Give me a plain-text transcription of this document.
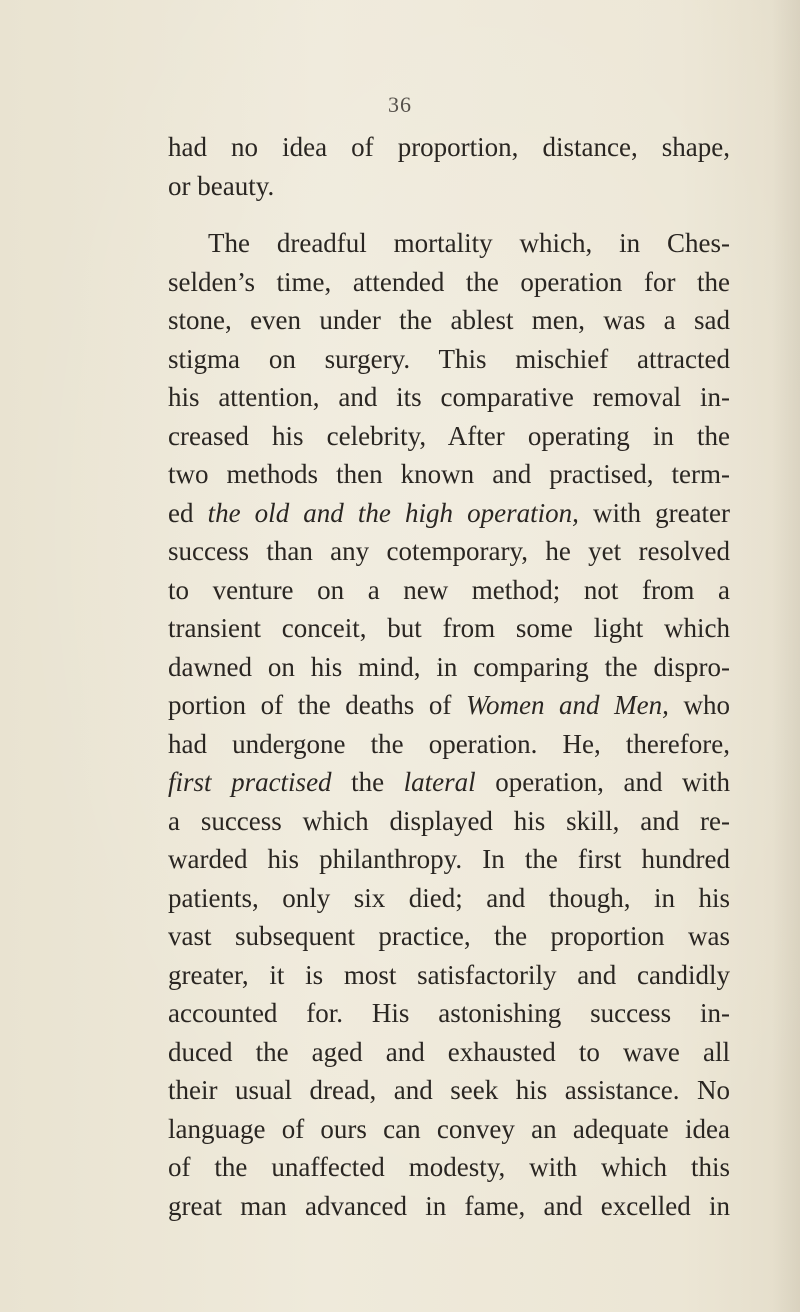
36
had no idea of proportion, distance, shape,
or beauty.
The dreadful mortality which, in Ches-
selden’s time, attended the operation for the
stone, even under the ablest men, was a sad
stigma on surgery. This mischief attracted
his attention, and its comparative removal in-
creased his celebrity, After operating in the
two methods then known and practised, term-
ed the old and the high operation, with greater
success than any cotemporary, he yet resolved
to venture on a new method; not from a
transient conceit, but from some light which
dawned on his mind, in comparing the dispro-
portion of the deaths of Women and Men, who
had undergone the operation. He, therefore,
first practised the lateral operation, and with
a success which displayed his skill, and re-
warded his philanthropy. In the first hundred
patients, only six died; and though, in his
vast subsequent practice, the proportion was
greater, it is most satisfactorily and candidly
accounted for. His astonishing success in-
duced the aged and exhausted to wave all
their usual dread, and seek his assistance. No
language of ours can convey an adequate idea
of the unaffected modesty, with which this
great man advanced in fame, and excelled in
